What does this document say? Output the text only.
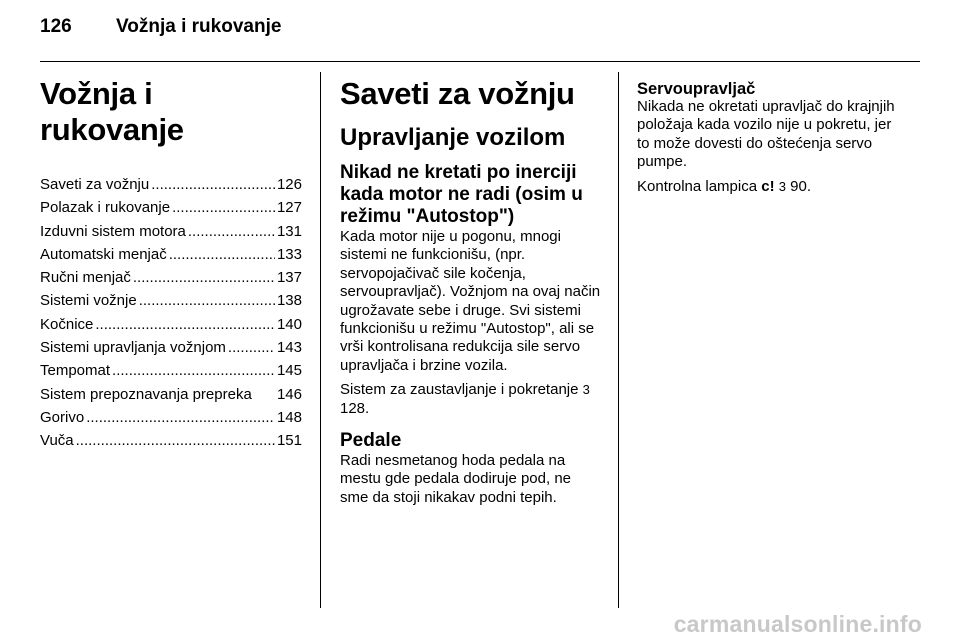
126 Vožnja i rukovanje
Vožnja i rukovanje
Saveti za vožnju .....	126
Polazak i rukovanje .....	127
Izduvni sistem motora .....	131
Automatski menjač .....	133
Ručni menjač .....	137
Sistemi vožnje .....	138
Kočnice .....	140
Sistemi upravljanja vožnjom .....	143
Tempomat .....	145
Sistem prepoznavanja prepreka 146
Gorivo .....	148
Vuča .....	151
Saveti za vožnju
Upravljanje vozilom
Nikad ne kretati po inerciji kada motor ne radi (osim u režimu "Autostop")

Kada motor nije u pogonu, mnogi sistemi ne funkcionišu, (npr. servopojačivač sile kočenja, servoupravljač). Vožnjom na ovaj način ugrožavate sebe i druge. Svi sistemi funkcionišu u režimu "Autostop", ali se vrši kontrolisana redukcija sile servo upravljača i brzine vozila.

Sistem za zaustavljanje i pokretanje 3 128.

Pedale

Radi nesmetanog hoda pedala na mestu gde pedala dodiruje pod, ne sme da stoji nikakav podni tepih.

Servoupravljač

Nikada ne okretati upravljač do krajnjih položaja kada vozilo nije u pokretu, jer to može dovesti do oštećenja servo pumpe.

Kontrolna lampica c! 3 90.

carmanualsonline.info
